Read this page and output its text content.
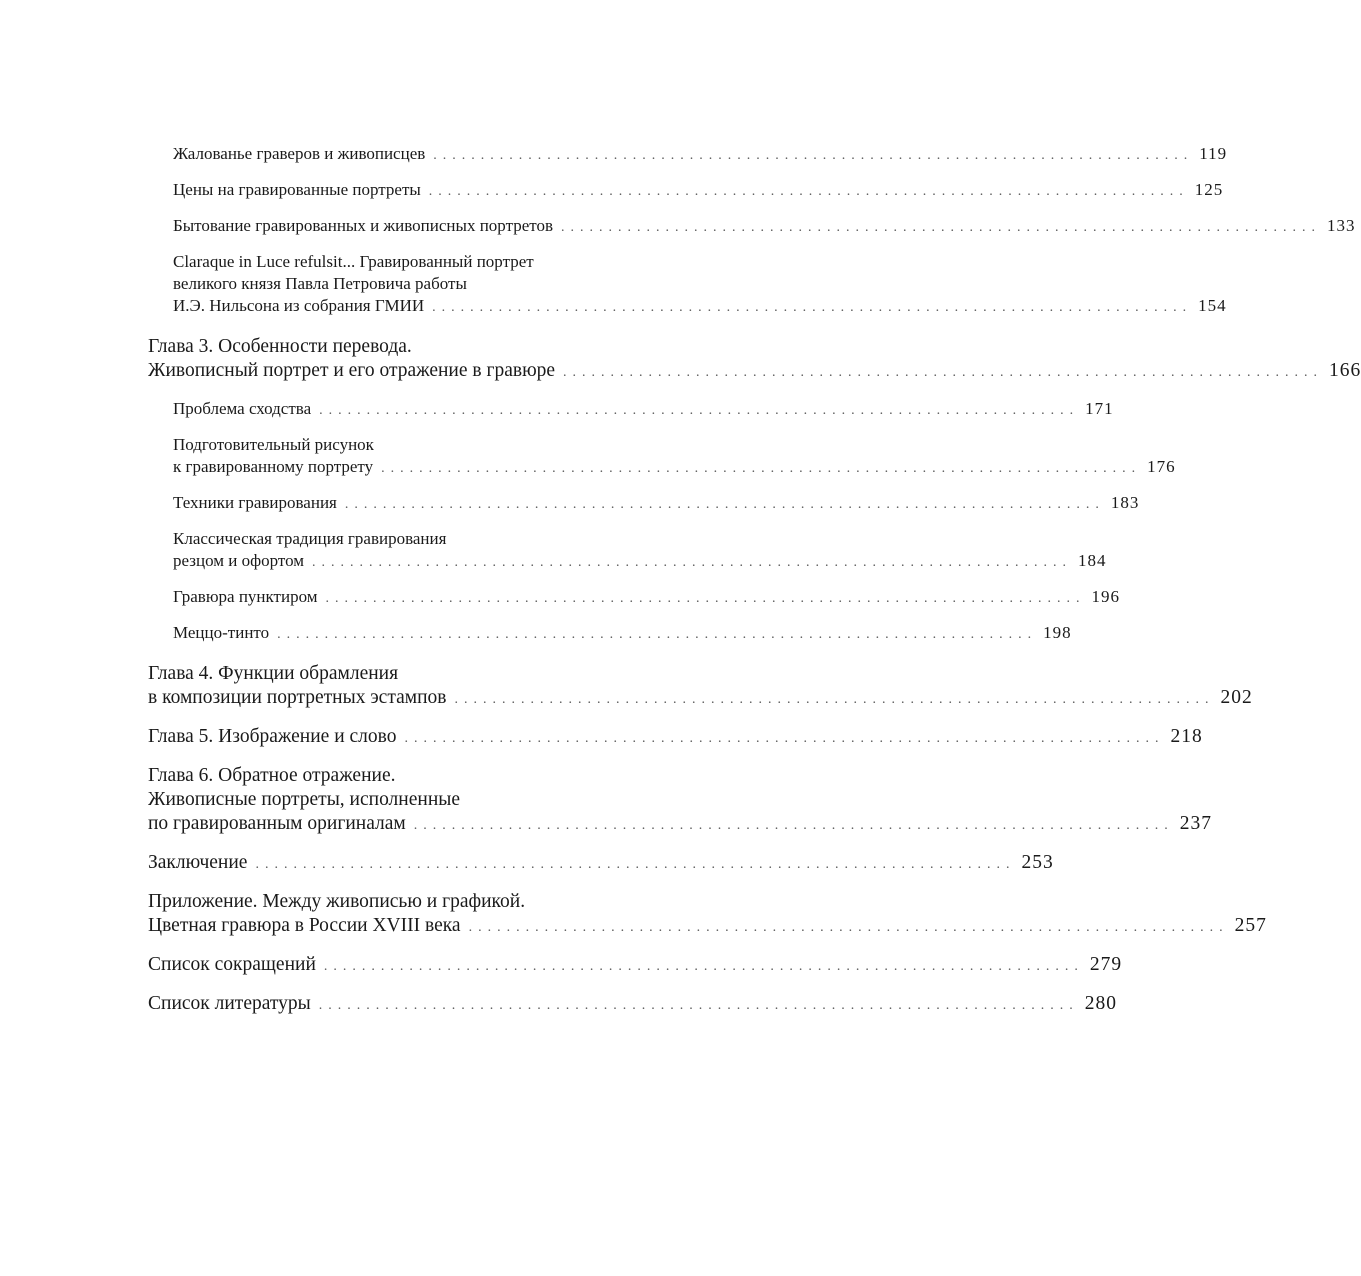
Жалованье граверов и живописцев ................................................................................ 119
Цены на гравированные портреты ................................................................................ 125
Бытование гравированных и живописных портретов ................................................................................ 133
Claraque in Luce refulsit... Гравированный портрет
великого князя Павла Петровича работы
И.Э. Нильсона из собрания ГМИИ ................................................................................ 154
Глава 3. Особенности перевода.
Живописный портрет и его отражение в гравюре ................................................................................ 166
Проблема сходства ................................................................................ 171
Подготовительный рисунок
к гравированному портрету ................................................................................ 176
Техники гравирования ................................................................................ 183
Классическая традиция гравирования
резцом и офортом ................................................................................ 184
Гравюра пунктиром ................................................................................ 196
Меццо-тинто ................................................................................ 198
Глава 4. Функции обрамления
в композиции портретных эстампов ................................................................................ 202
Глава 5. Изображение и слово ................................................................................ 218
Глава 6. Обратное отражение.
Живописные портреты, исполненные
по гравированным оригиналам ................................................................................ 237
Заключение ................................................................................ 253
Приложение. Между живописью и графикой.
Цветная гравюра в России XVIII века ................................................................................ 257
Список сокращений ................................................................................ 279
Список литературы ................................................................................ 280
